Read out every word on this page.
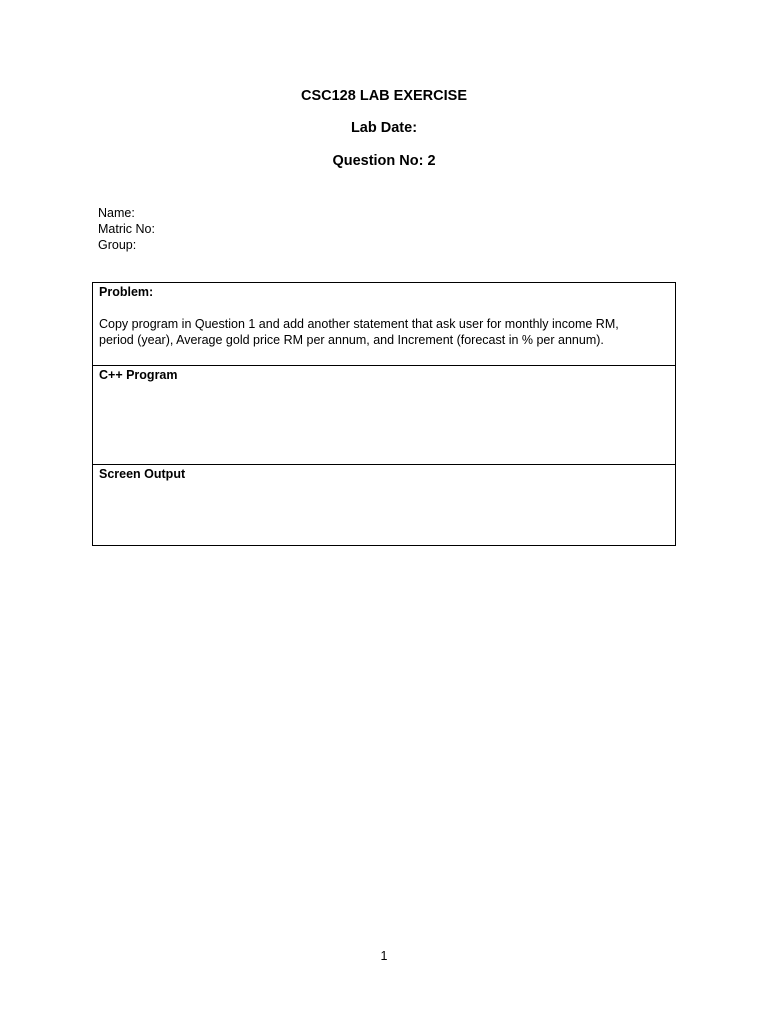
CSC128 LAB EXERCISE
Lab Date:
Question No: 2
Name:
Matric No:
Group:
Problem:
Copy program in Question 1 and add another statement that ask user for monthly income RM,
period (year), Average gold price RM per annum, and Increment (forecast in % per annum).
C++ Program
Screen Output
1
